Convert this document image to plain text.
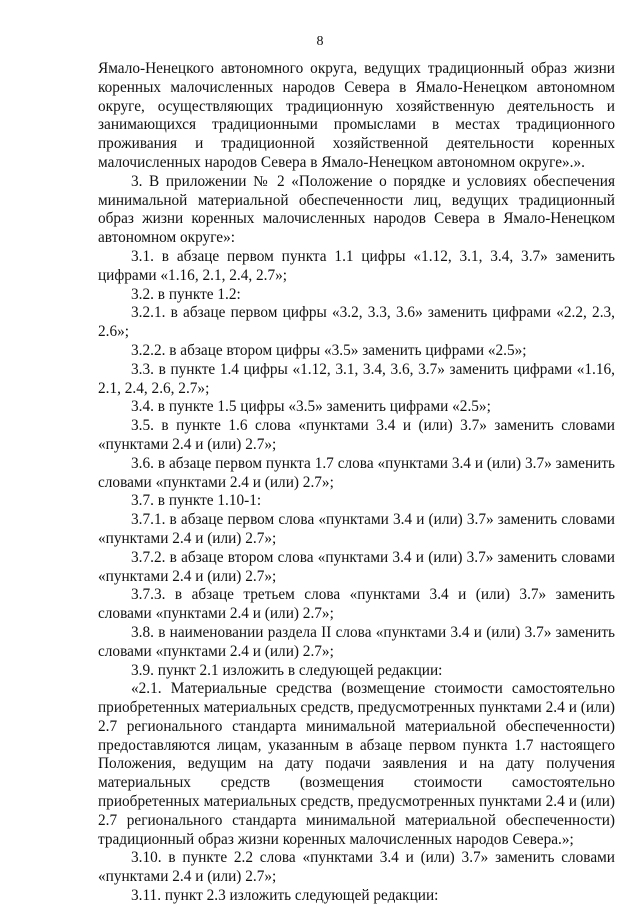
8

Ямало-Ненецкого автономного округа, ведущих традиционный образ жизни коренных малочисленных народов Севера в Ямало-Ненецком автономном округе, осуществляющих традиционную хозяйственную деятельность и занимающихся традиционными промыслами в местах традиционного проживания и традиционной хозяйственной деятельности коренных малочисленных народов Севера в Ямало-Ненецком автономном округе».».

3. В приложении № 2 «Положение о порядке и условиях обеспечения минимальной материальной обеспеченности лиц, ведущих традиционный образ жизни коренных малочисленных народов Севера в Ямало-Ненецком автономном округе»:

3.1. в абзаце первом пункта 1.1 цифры «1.12, 3.1, 3.4, 3.7» заменить цифрами «1.16, 2.1, 2.4, 2.7»;

3.2. в пункте 1.2:

3.2.1. в абзаце первом цифры «3.2, 3.3, 3.6» заменить цифрами «2.2, 2.3, 2.6»;

3.2.2. в абзаце втором цифры «3.5» заменить цифрами «2.5»;

3.3. в пункте 1.4 цифры «1.12, 3.1, 3.4, 3.6, 3.7» заменить цифрами «1.16, 2.1, 2.4, 2.6, 2.7»;

3.4. в пункте 1.5 цифры «3.5» заменить цифрами «2.5»;

3.5. в пункте 1.6 слова «пунктами 3.4 и (или) 3.7» заменить словами «пунктами 2.4 и (или) 2.7»;

3.6. в абзаце первом пункта 1.7 слова «пунктами 3.4 и (или) 3.7» заменить словами «пунктами 2.4 и (или) 2.7»;

3.7. в пункте 1.10-1:

3.7.1. в абзаце первом слова «пунктами 3.4 и (или) 3.7» заменить словами «пунктами 2.4 и (или) 2.7»;

3.7.2. в абзаце втором слова «пунктами 3.4 и (или) 3.7» заменить словами «пунктами 2.4 и (или) 2.7»;

3.7.3. в абзаце третьем слова «пунктами 3.4 и (или) 3.7» заменить словами «пунктами 2.4 и (или) 2.7»;

3.8. в наименовании раздела II слова «пунктами 3.4 и (или) 3.7» заменить словами «пунктами 2.4 и (или) 2.7»;

3.9. пункт 2.1 изложить в следующей редакции:

«2.1. Материальные средства (возмещение стоимости самостоятельно приобретенных материальных средств, предусмотренных пунктами 2.4 и (или) 2.7 регионального стандарта минимальной материальной обеспеченности) предоставляются лицам, указанным в абзаце первом пункта 1.7 настоящего Положения, ведущим на дату подачи заявления и на дату получения материальных средств (возмещения стоимости самостоятельно приобретенных материальных средств, предусмотренных пунктами 2.4 и (или) 2.7 регионального стандарта минимальной материальной обеспеченности) традиционный образ жизни коренных малочисленных народов Севера.»;

3.10. в пункте 2.2 слова «пунктами 3.4 и (или) 3.7» заменить словами «пунктами 2.4 и (или) 2.7»;

3.11. пункт 2.3 изложить следующей редакции:
